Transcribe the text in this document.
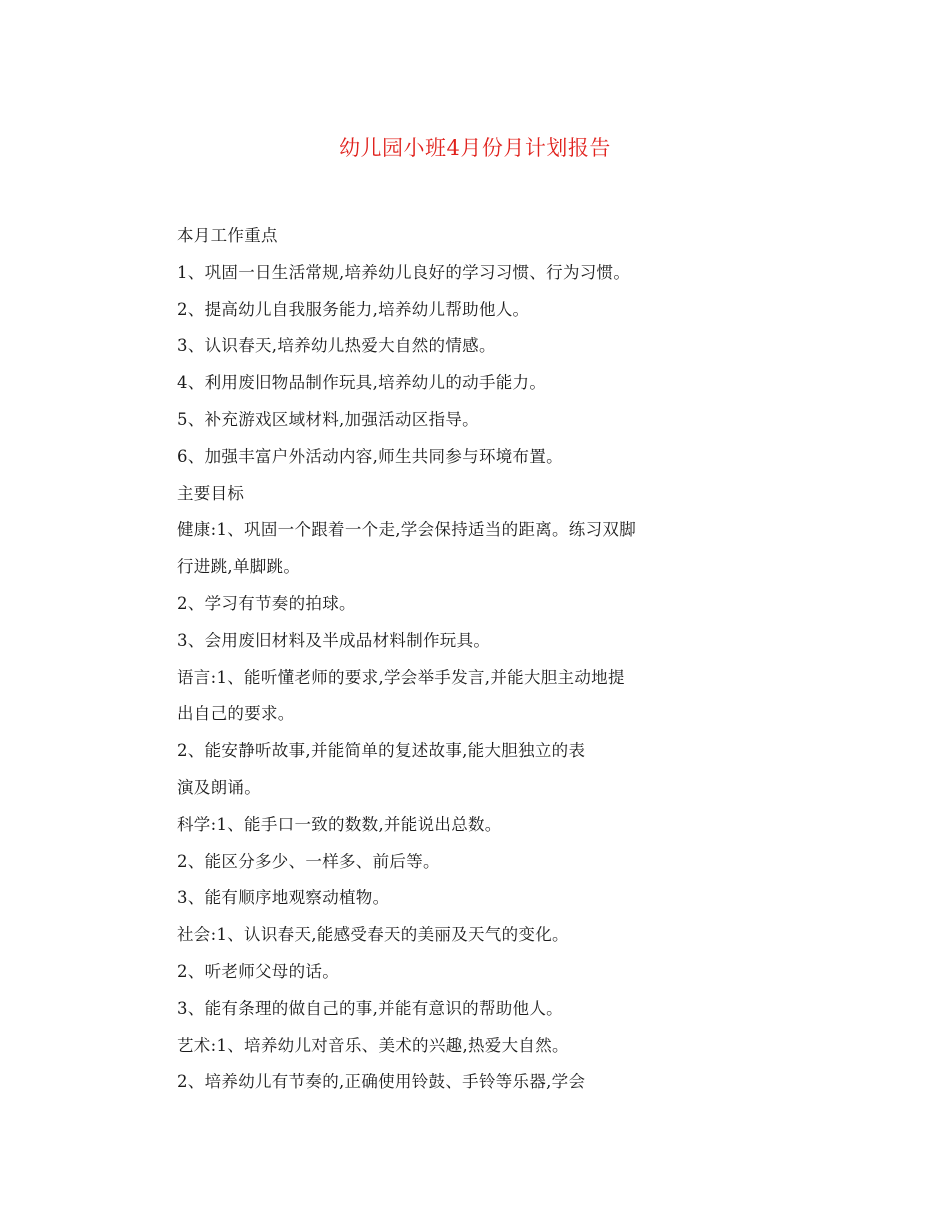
幼儿园小班4月份月计划报告
本月工作重点
1、巩固一日生活常规,培养幼儿良好的学习习惯、行为习惯。
2、提高幼儿自我服务能力,培养幼儿帮助他人。
3、认识春天,培养幼儿热爱大自然的情感。
4、利用废旧物品制作玩具,培养幼儿的动手能力。
5、补充游戏区域材料,加强活动区指导。
6、加强丰富户外活动内容,师生共同参与环境布置。
主要目标
健康:1、巩固一个跟着一个走,学会保持适当的距离。练习双脚
行进跳,单脚跳。
2、学习有节奏的拍球。
3、会用废旧材料及半成品材料制作玩具。
语言:1、能听懂老师的要求,学会举手发言,并能大胆主动地提
出自己的要求。
2、能安静听故事,并能简单的复述故事,能大胆独立的表
演及朗诵。
科学:1、能手口一致的数数,并能说出总数。
2、能区分多少、一样多、前后等。
3、能有顺序地观察动植物。
社会:1、认识春天,能感受春天的美丽及天气的变化。
2、听老师父母的话。
3、能有条理的做自己的事,并能有意识的帮助他人。
艺术:1、培养幼儿对音乐、美术的兴趣,热爱大自然。
2、培养幼儿有节奏的,正确使用铃鼓、手铃等乐器,学会
